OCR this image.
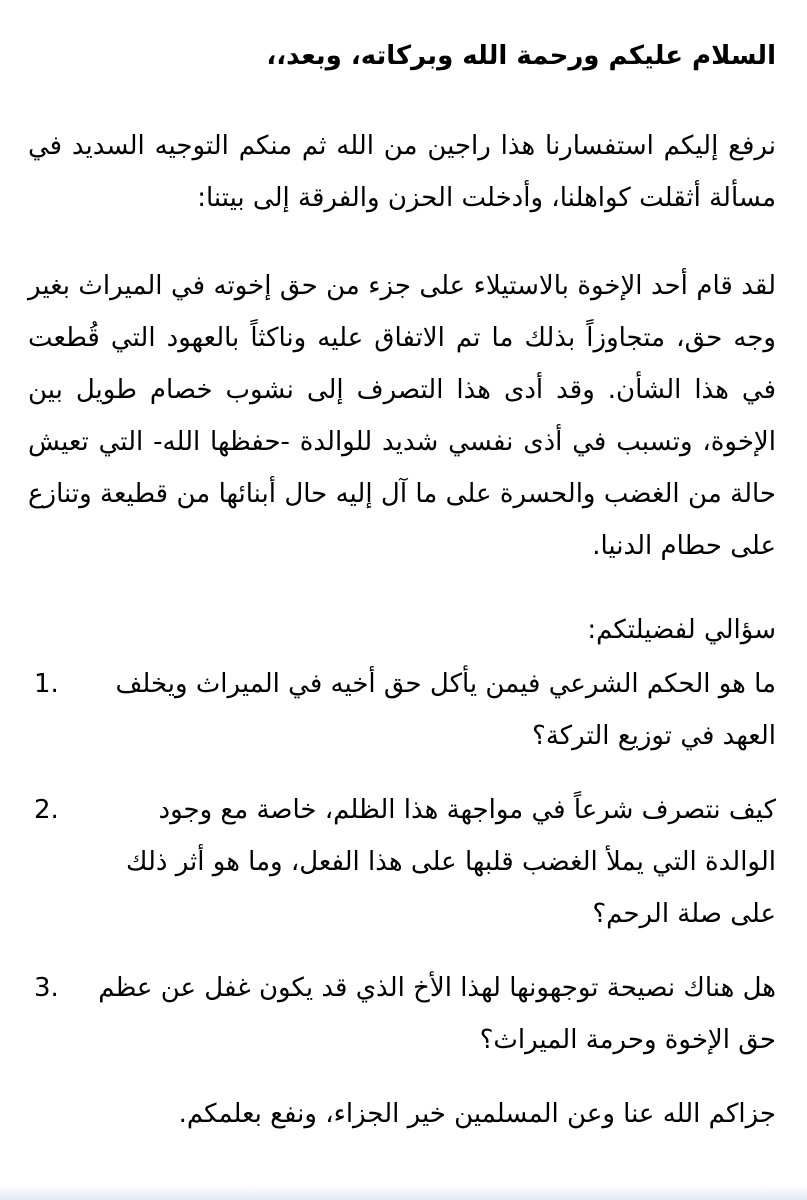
السلام عليكم ورحمة الله وبركاته، وبعد،،

نرفع إليكم استفسارنا هذا راجين من الله ثم منكم التوجيه السديد في مسألة أثقلت كواهلنا، وأدخلت الحزن والفرقة إلى بيتنا:

لقد قام أحد الإخوة بالاستيلاء على جزء من حق إخوته في الميراث بغير وجه حق، متجاوزاً بذلك ما تم الاتفاق عليه وناكثاً بالعهود التي قُطعت في هذا الشأن. وقد أدى هذا التصرف إلى نشوب خصام طويل بين الإخوة، وتسبب في أذى نفسي شديد للوالدة -حفظها الله- التي تعيش حالة من الغضب والحسرة على ما آل إليه حال أبنائها من قطيعة وتنازع على حطام الدنيا.

سؤالي لفضيلتكم:

ما هو الحكم الشرعي فيمن يأكل حق أخيه في الميراث ويخلف العهد في توزيع التركة؟
1.
كيف نتصرف شرعاً في مواجهة هذا الظلم، خاصة مع وجود الوالدة التي يملأ الغضب قلبها على هذا الفعل، وما هو أثر ذلك على صلة الرحم؟
2.
هل هناك نصيحة توجهونها لهذا الأخ الذي قد يكون غفل عن عظم حق الإخوة وحرمة الميراث؟
3.

جزاكم الله عنا وعن المسلمين خير الجزاء، ونفع بعلمكم.
